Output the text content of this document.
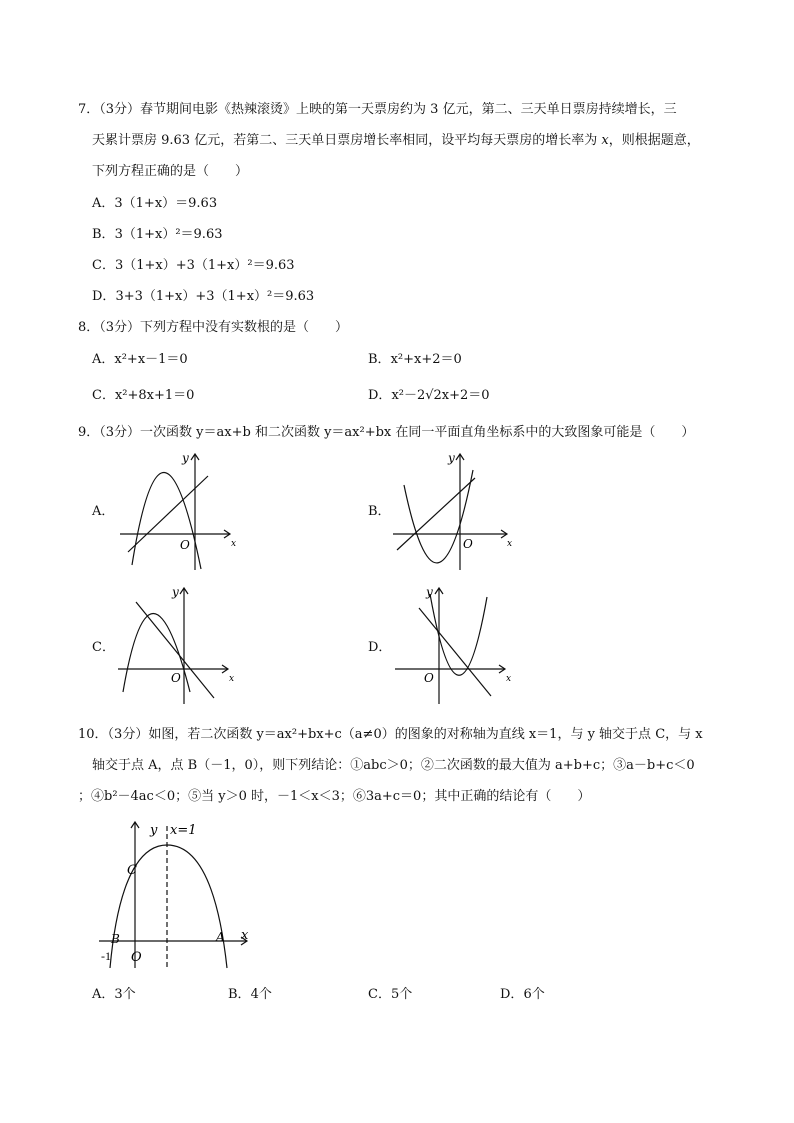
7．（3分）春节期间电影《热辣滚烫》上映的第一天票房约为 3 亿元，第二、三天单日票房持续增长，三
天累计票房 9.63 亿元，若第二、三天单日票房增长率相同，设平均每天票房的增长率为 x，则根据题意，
下列方程正确的是（　　）
A．3（1+x）＝9.63
B．3（1+x）²＝9.63
C．3（1+x）+3（1+x）²＝9.63
D．3+3（1+x）+3（1+x）²＝9.63
8．（3分）下列方程中没有实数根的是（　　）
A．x²+x－1＝0	B．x²+x+2＝0
C．x²+8x+1＝0	D．x²－2√2x+2＝0
9．（3分）一次函数 y＝ax+b 和二次函数 y＝ax²+bx 在同一平面直角坐标系中的大致图象可能是（　　）
A．	B．
C．	D．
y
x
O
y
x
O
y
x
O
y
x
O
10．（3分）如图，若二次函数 y＝ax²+bx+c（a≠0）的图象的对称轴为直线 x＝1，与 y 轴交于点 C，与 x
轴交于点 A，点 B（－1，0），则下列结论：①abc＞0；②二次函数的最大值为 a+b+c；③a－b+c＜0
；④b²－4ac＜0；⑤当 y＞0 时，－1＜x＜3；⑥3a+c＝0；其中正确的结论有（　　）
y x=1
C
B	A x
-1 O
A．3个	B．4个	C．5个	D．6个
